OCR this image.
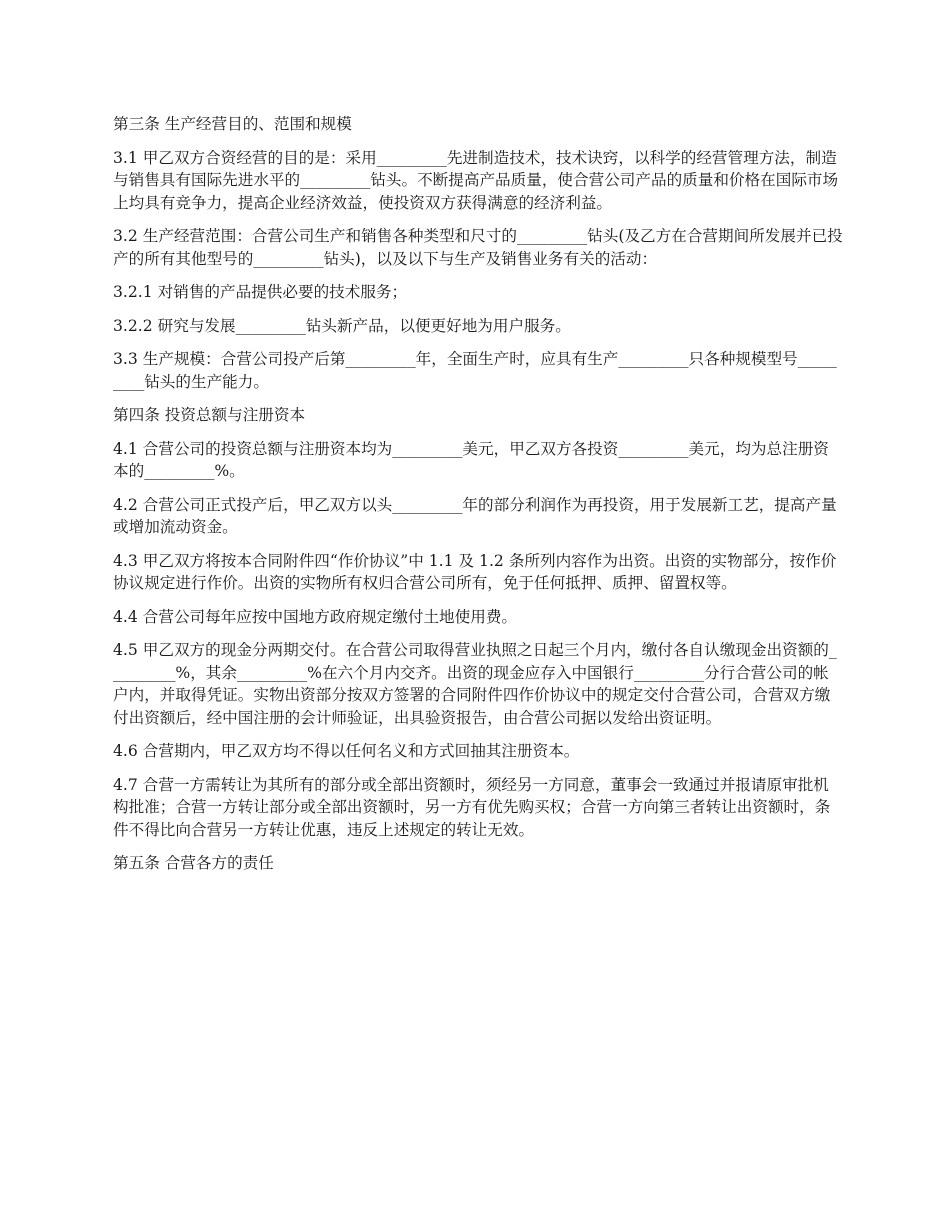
第三条 生产经营目的、范围和规模

3.1 甲乙双方合资经营的目的是：采用_________先进制造技术，技术诀窍，以科学的经营管理方法，制造与销售具有国际先进水平的_________钻头。不断提高产品质量，使合营公司产品的质量和价格在国际市场上均具有竞争力，提高企业经济效益，使投资双方获得满意的经济利益。

3.2 生产经营范围：合营公司生产和销售各种类型和尺寸的_________钻头(及乙方在合营期间所发展并已投产的所有其他型号的_________钻头)，以及以下与生产及销售业务有关的活动：

3.2.1 对销售的产品提供必要的技术服务；

3.2.2 研究与发展_________钻头新产品，以便更好地为用户服务。

3.3 生产规模：合营公司投产后第_________年，全面生产时，应具有生产_________只各种规模型号_________钻头的生产能力。

第四条 投资总额与注册资本

4.1 合营公司的投资总额与注册资本均为_________美元，甲乙双方各投资_________美元，均为总注册资本的_________%。

4.2 合营公司正式投产后，甲乙双方以头_________年的部分利润作为再投资，用于发展新工艺，提高产量或增加流动资金。

4.3 甲乙双方将按本合同附件四“作价协议”中 1.1 及 1.2 条所列内容作为出资。出资的实物部分，按作价协议规定进行作价。出资的实物所有权归合营公司所有，免于任何抵押、质押、留置权等。

4.4 合营公司每年应按中国地方政府规定缴付土地使用费。

4.5 甲乙双方的现金分两期交付。在合营公司取得营业执照之日起三个月内，缴付各自认缴现金出资额的_________%，其余_________%在六个月内交齐。出资的现金应存入中国银行_________分行合营公司的帐户内，并取得凭证。实物出资部分按双方签署的合同附件四作价协议中的规定交付合营公司，合营双方缴付出资额后，经中国注册的会计师验证，出具验资报告，由合营公司据以发给出资证明。

4.6 合营期内，甲乙双方均不得以任何名义和方式回抽其注册资本。

4.7 合营一方需转让为其所有的部分或全部出资额时，须经另一方同意，董事会一致通过并报请原审批机构批准；合营一方转让部分或全部出资额时，另一方有优先购买权；合营一方向第三者转让出资额时，条件不得比向合营另一方转让优惠，违反上述规定的转让无效。

第五条 合营各方的责任
